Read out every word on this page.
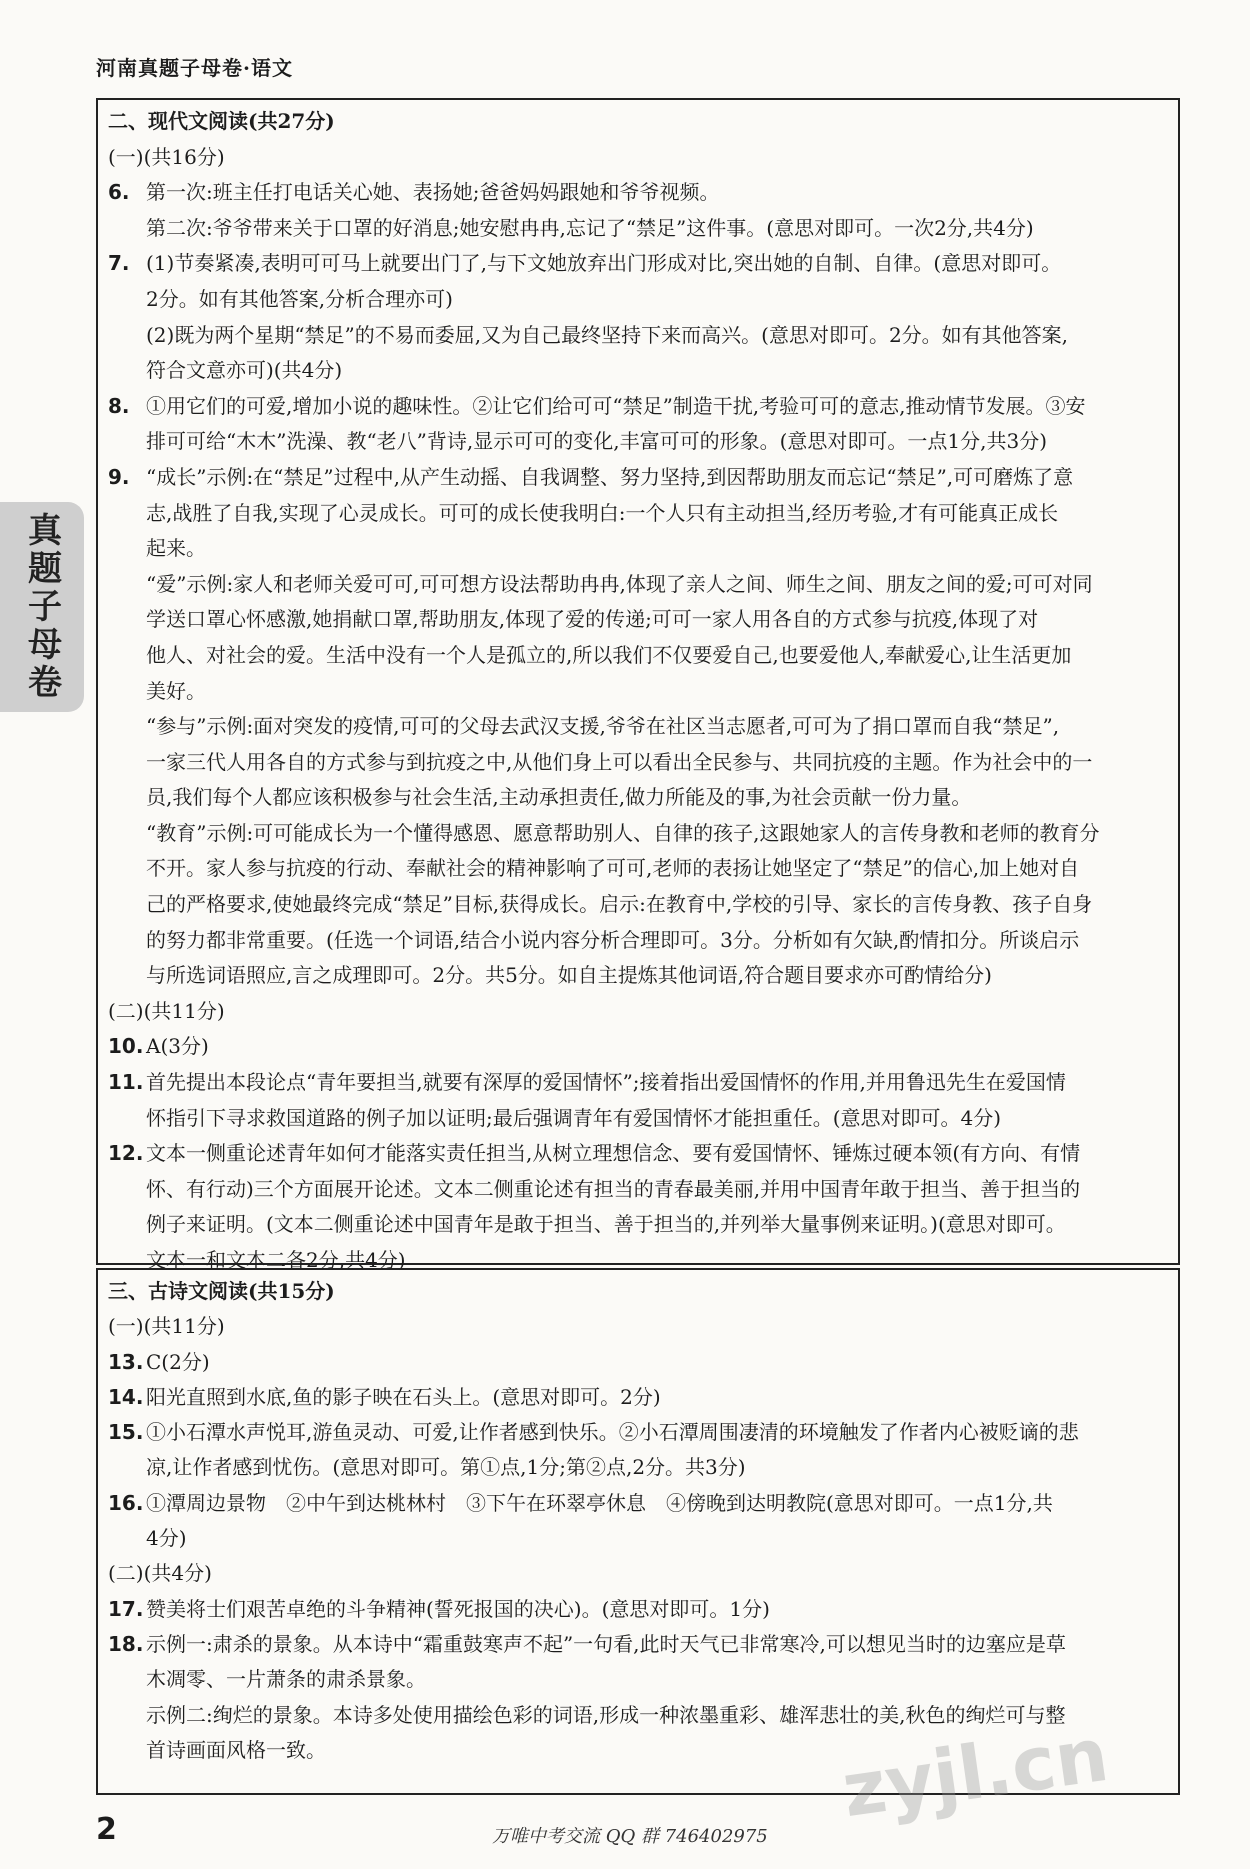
河南真题子母卷·语文
真题子母卷
二、现代文阅读(共27分)
(一)(共16分)
6. 第一次:班主任打电话关心她、表扬她;爸爸妈妈跟她和爷爷视频。
第二次:爷爷带来关于口罩的好消息;她安慰冉冉,忘记了“禁足”这件事。(意思对即可。一次2分,共4分)
7. (1)节奏紧凑,表明可可马上就要出门了,与下文她放弃出门形成对比,突出她的自制、自律。(意思对即可。
2分。如有其他答案,分析合理亦可)
(2)既为两个星期“禁足”的不易而委屈,又为自己最终坚持下来而高兴。(意思对即可。2分。如有其他答案,
符合文意亦可)(共4分)
8. ①用它们的可爱,增加小说的趣味性。②让它们给可可“禁足”制造干扰,考验可可的意志,推动情节发展。③安
排可可给“木木”洗澡、教“老八”背诗,显示可可的变化,丰富可可的形象。(意思对即可。一点1分,共3分)
9. “成长”示例:在“禁足”过程中,从产生动摇、自我调整、努力坚持,到因帮助朋友而忘记“禁足”,可可磨炼了意
志,战胜了自我,实现了心灵成长。可可的成长使我明白:一个人只有主动担当,经历考验,才有可能真正成长
起来。
“爱”示例:家人和老师关爱可可,可可想方设法帮助冉冉,体现了亲人之间、师生之间、朋友之间的爱;可可对同
学送口罩心怀感激,她捐献口罩,帮助朋友,体现了爱的传递;可可一家人用各自的方式参与抗疫,体现了对
他人、对社会的爱。生活中没有一个人是孤立的,所以我们不仅要爱自己,也要爱他人,奉献爱心,让生活更加
美好。
“参与”示例:面对突发的疫情,可可的父母去武汉支援,爷爷在社区当志愿者,可可为了捐口罩而自我“禁足”,
一家三代人用各自的方式参与到抗疫之中,从他们身上可以看出全民参与、共同抗疫的主题。作为社会中的一
员,我们每个人都应该积极参与社会生活,主动承担责任,做力所能及的事,为社会贡献一份力量。
“教育”示例:可可能成长为一个懂得感恩、愿意帮助别人、自律的孩子,这跟她家人的言传身教和老师的教育分
不开。家人参与抗疫的行动、奉献社会的精神影响了可可,老师的表扬让她坚定了“禁足”的信心,加上她对自
己的严格要求,使她最终完成“禁足”目标,获得成长。启示:在教育中,学校的引导、家长的言传身教、孩子自身
的努力都非常重要。(任选一个词语,结合小说内容分析合理即可。3分。分析如有欠缺,酌情扣分。所谈启示
与所选词语照应,言之成理即可。2分。共5分。如自主提炼其他词语,符合题目要求亦可酌情给分)
(二)(共11分)
10. A(3分)
11. 首先提出本段论点“青年要担当,就要有深厚的爱国情怀”;接着指出爱国情怀的作用,并用鲁迅先生在爱国情
怀指引下寻求救国道路的例子加以证明;最后强调青年有爱国情怀才能担重任。(意思对即可。4分)
12. 文本一侧重论述青年如何才能落实责任担当,从树立理想信念、要有爱国情怀、锤炼过硬本领(有方向、有情
怀、有行动)三个方面展开论述。文本二侧重论述有担当的青春最美丽,并用中国青年敢于担当、善于担当的
例子来证明。(文本二侧重论述中国青年是敢于担当、善于担当的,并列举大量事例来证明。)(意思对即可。
文本一和文本二各2分,共4分)
三、古诗文阅读(共15分)
(一)(共11分)
13. C(2分)
14. 阳光直照到水底,鱼的影子映在石头上。(意思对即可。2分)
15. ①小石潭水声悦耳,游鱼灵动、可爱,让作者感到快乐。②小石潭周围凄清的环境触发了作者内心被贬谪的悲
凉,让作者感到忧伤。(意思对即可。第①点,1分;第②点,2分。共3分)
16. ①潭周边景物　②中午到达桃林村　③下午在环翠亭休息　④傍晚到达明教院(意思对即可。一点1分,共
4分)
(二)(共4分)
17. 赞美将士们艰苦卓绝的斗争精神(誓死报国的决心)。(意思对即可。1分)
18. 示例一:肃杀的景象。从本诗中“霜重鼓寒声不起”一句看,此时天气已非常寒冷,可以想见当时的边塞应是草
木凋零、一片萧条的肃杀景象。
示例二:绚烂的景象。本诗多处使用描绘色彩的词语,形成一种浓墨重彩、雄浑悲壮的美,秋色的绚烂可与整
首诗画面风格一致。	zyjl.cn
2	万唯中考交流 QQ 群 746402975
